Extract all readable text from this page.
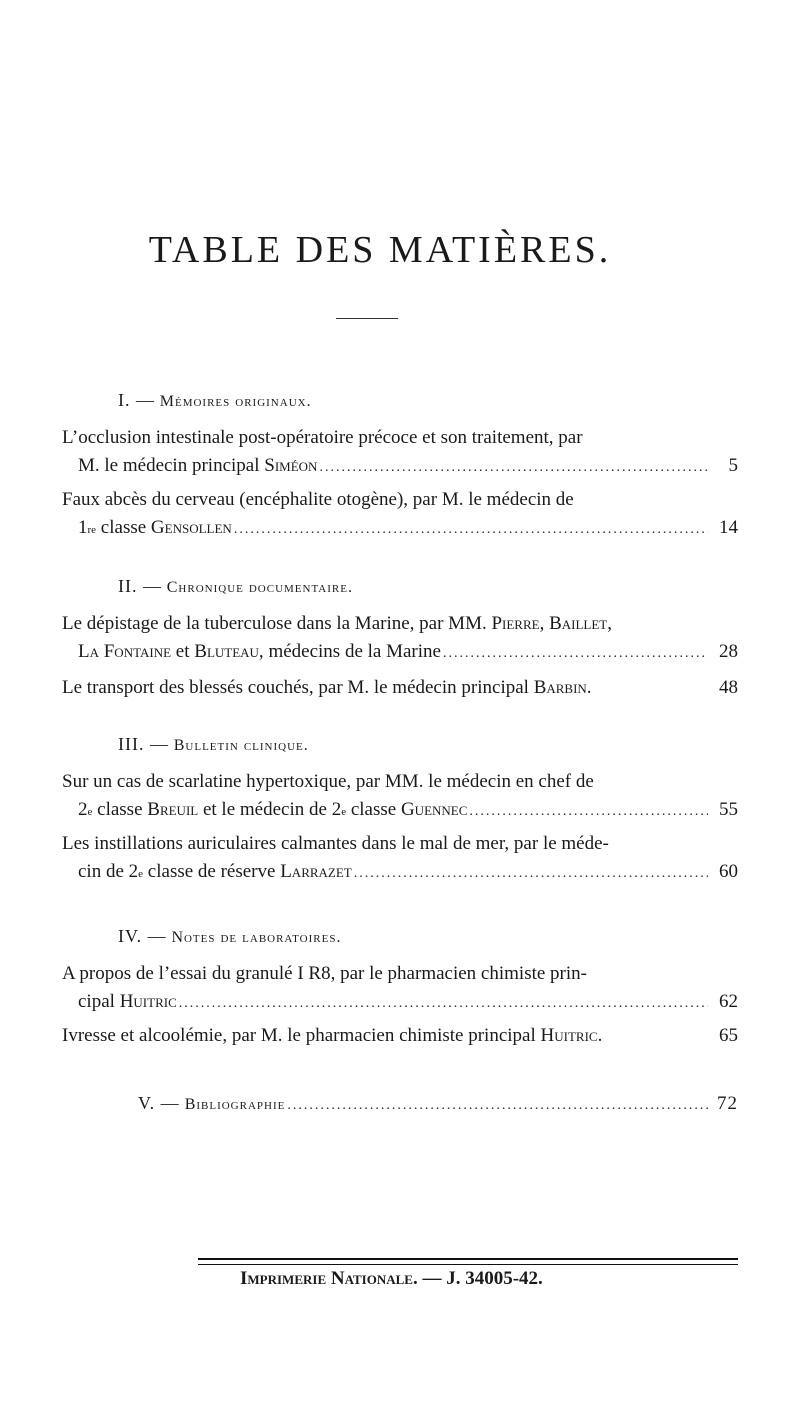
TABLE DES MATIÈRES.
I. — Mémoires originaux.
L’occlusion intestinale post-opératoire précoce et son traitement, par
M. le médecin principal
Siméon .....	5
Faux abcès du cerveau (encéphalite otogène), par M. le médecin de
1 re
classe
Gensollen .....	14
II. — Chronique documentaire.
Le dépistage de la tuberculose dans la Marine, par MM. Pierre, Baillet,
La Fontaine
et
Bluteau,
médecins de la Marine .....	28
Le transport des blessés couchés, par M. le médecin principal
Barbin.	48
III. — Bulletin clinique.
Sur un cas de scarlatine hypertoxique, par MM. le médecin en chef de
2 e
classe
Breuil
et le médecin de
2 e
classe
Guennec .....	55
Les instillations auriculaires calmantes dans le mal de mer, par le méde-
cin de
2 e
classe de réserve
Larrazet .....	60
IV. — Notes de laboratoires.
A propos de l’essai du granulé I R8, par le pharmacien chimiste prin-
cipal
Huitric .....	62
Ivresse et alcoolémie, par M. le pharmacien chimiste principal
Huitric.	65
V. —
Bibliographie .....	72
Imprimerie Nationale. — J. 34005-42.
